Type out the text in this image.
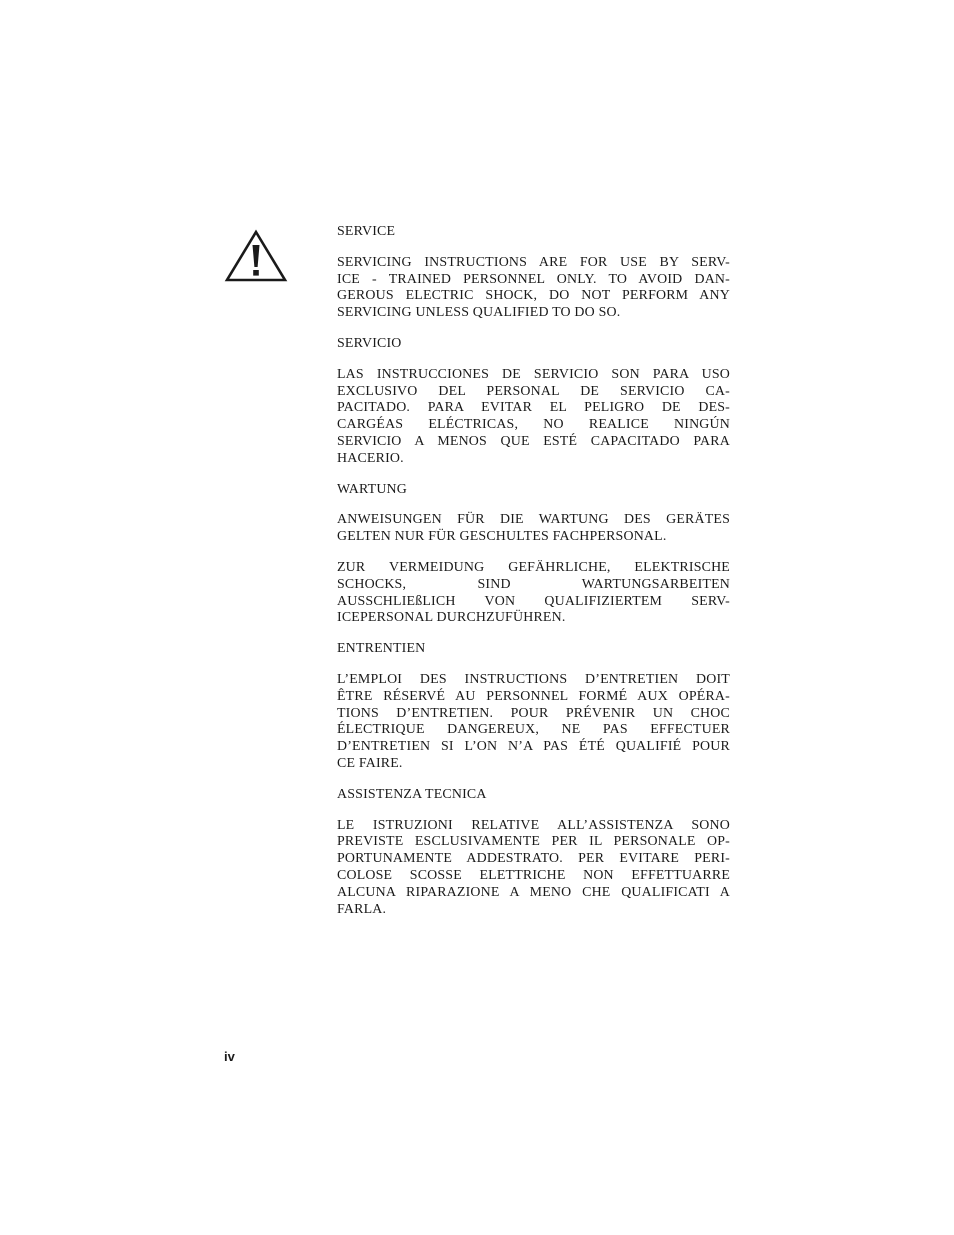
SERVICE
SERVICING INSTRUCTIONS ARE FOR USE BY SERV-
ICE - TRAINED PERSONNEL ONLY. TO AVOID DAN-
GEROUS ELECTRIC SHOCK, DO NOT PERFORM ANY
SERVICING UNLESS QUALIFIED TO DO SO.
SERVICIO
LAS INSTRUCCIONES DE SERVICIO SON PARA USO
EXCLUSIVO DEL PERSONAL DE SERVICIO CA-
PACITADO. PARA EVITAR EL PELIGRO DE DES-
CARGÉAS ELÉCTRICAS, NO REALICE NINGÚN
SERVICIO A MENOS QUE ESTÉ CAPACITADO PARA
HACERIO.
WARTUNG
ANWEISUNGEN FÜR DIE WARTUNG DES GERÄTES
GELTEN NUR FÜR GESCHULTES FACHPERSONAL.
ZUR VERMEIDUNG GEFÄHRLICHE, ELEKTRISCHE
SCHOCKS, SIND WARTUNGSARBEITEN
AUSSCHLIEßLICH VON QUALIFIZIERTEM SERV-
ICEPERSONAL DURCHZUFÜHREN.
ENTRENTIEN
L’EMPLOI DES INSTRUCTIONS D’ENTRETIEN DOIT
ÊTRE RÉSERVÉ AU PERSONNEL FORMÉ AUX OPÉRA-
TIONS D’ENTRETIEN. POUR PRÉVENIR UN CHOC
ÉLECTRIQUE DANGEREUX, NE PAS EFFECTUER
D’ENTRETIEN SI L’ON N’A PAS ÉTÉ QUALIFIÉ POUR
CE FAIRE.
ASSISTENZA TECNICA
LE ISTRUZIONI RELATIVE ALL’ASSISTENZA SONO
PREVISTE ESCLUSIVAMENTE PER IL PERSONALE OP-
PORTUNAMENTE ADDESTRATO. PER EVITARE PERI-
COLOSE SCOSSE ELETTRICHE NON EFFETTUARRE
ALCUNA RIPARAZIONE A MENO CHE QUALIFICATI A
FARLA.
iv
